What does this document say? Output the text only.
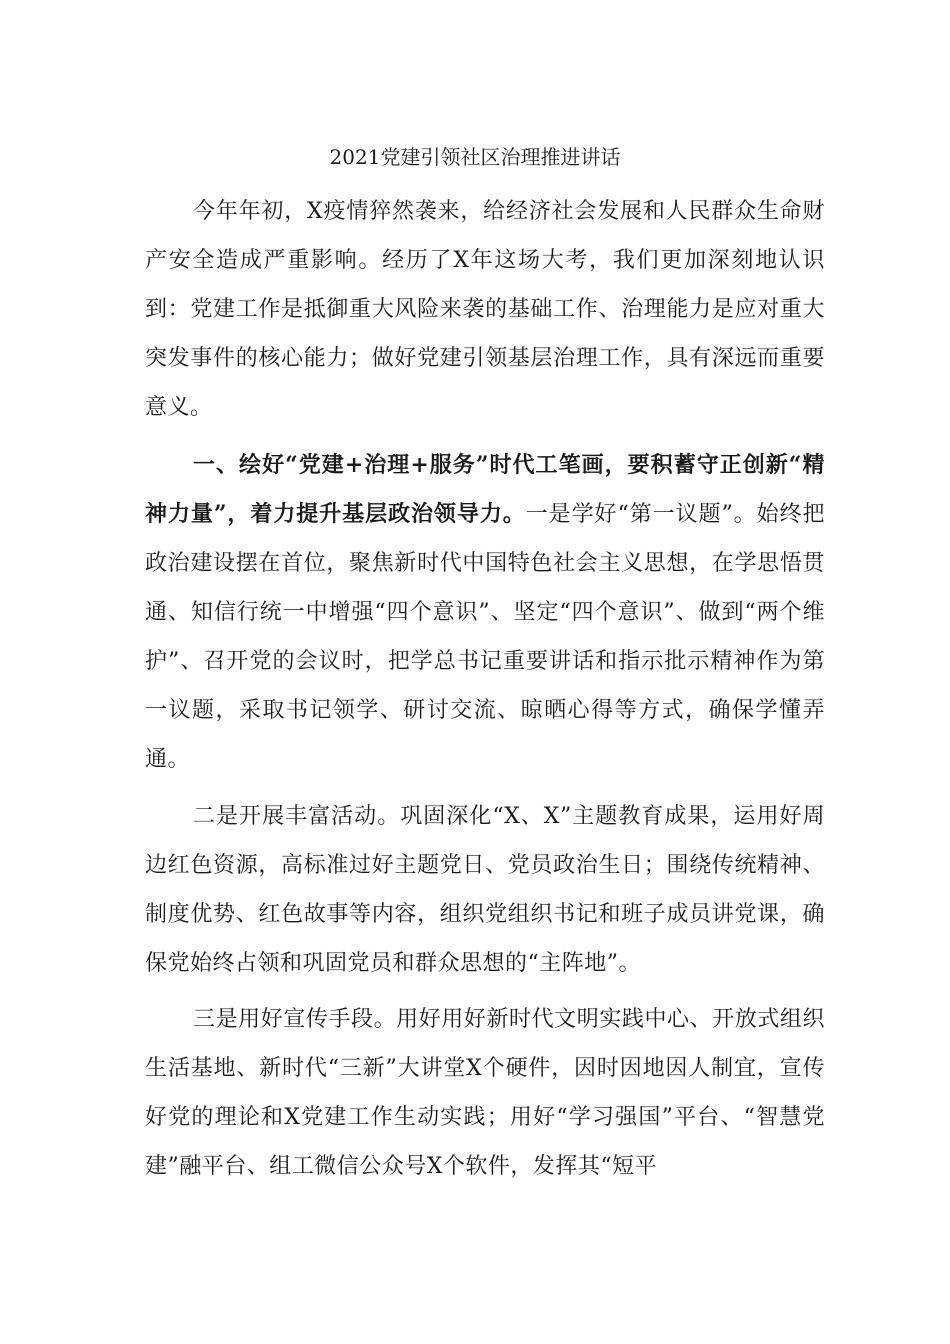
2021党建引领社区治理推进讲话

今年年初，X疫情猝然袭来，给经济社会发展和人民群众生命财产安全造成严重影响。经历了X年这场大考，我们更加深刻地认识到：党建工作是抵御重大风险来袭的基础工作、治理能力是应对重大突发事件的核心能力；做好党建引领基层治理工作，具有深远而重要意义。

一、绘好“党建+治理+服务”时代工笔画，要积蓄守正创新“精神力量”，着力提升基层政治领导力。一是学好“第一议题”。始终把政治建设摆在首位，聚焦新时代中国特色社会主义思想，在学思悟贯通、知信行统一中增强“四个意识”、坚定“四个意识”、做到“两个维护”、召开党的会议时，把学总书记重要讲话和指示批示精神作为第一议题，采取书记领学、研讨交流、晾晒心得等方式，确保学懂弄通。

二是开展丰富活动。巩固深化“X、X”主题教育成果，运用好周边红色资源，高标准过好主题党日、党员政治生日；围绕传统精神、制度优势、红色故事等内容，组织党组织书记和班子成员讲党课，确保党始终占领和巩固党员和群众思想的“主阵地”。

三是用好宣传手段。用好用好新时代文明实践中心、开放式组织生活基地、新时代“三新”大讲堂X个硬件，因时因地因人制宜，宣传好党的理论和X党建工作生动实践；用好“学习强国”平台、“智慧党建”融平台、组工微信公众号X个软件，发挥其“短平
